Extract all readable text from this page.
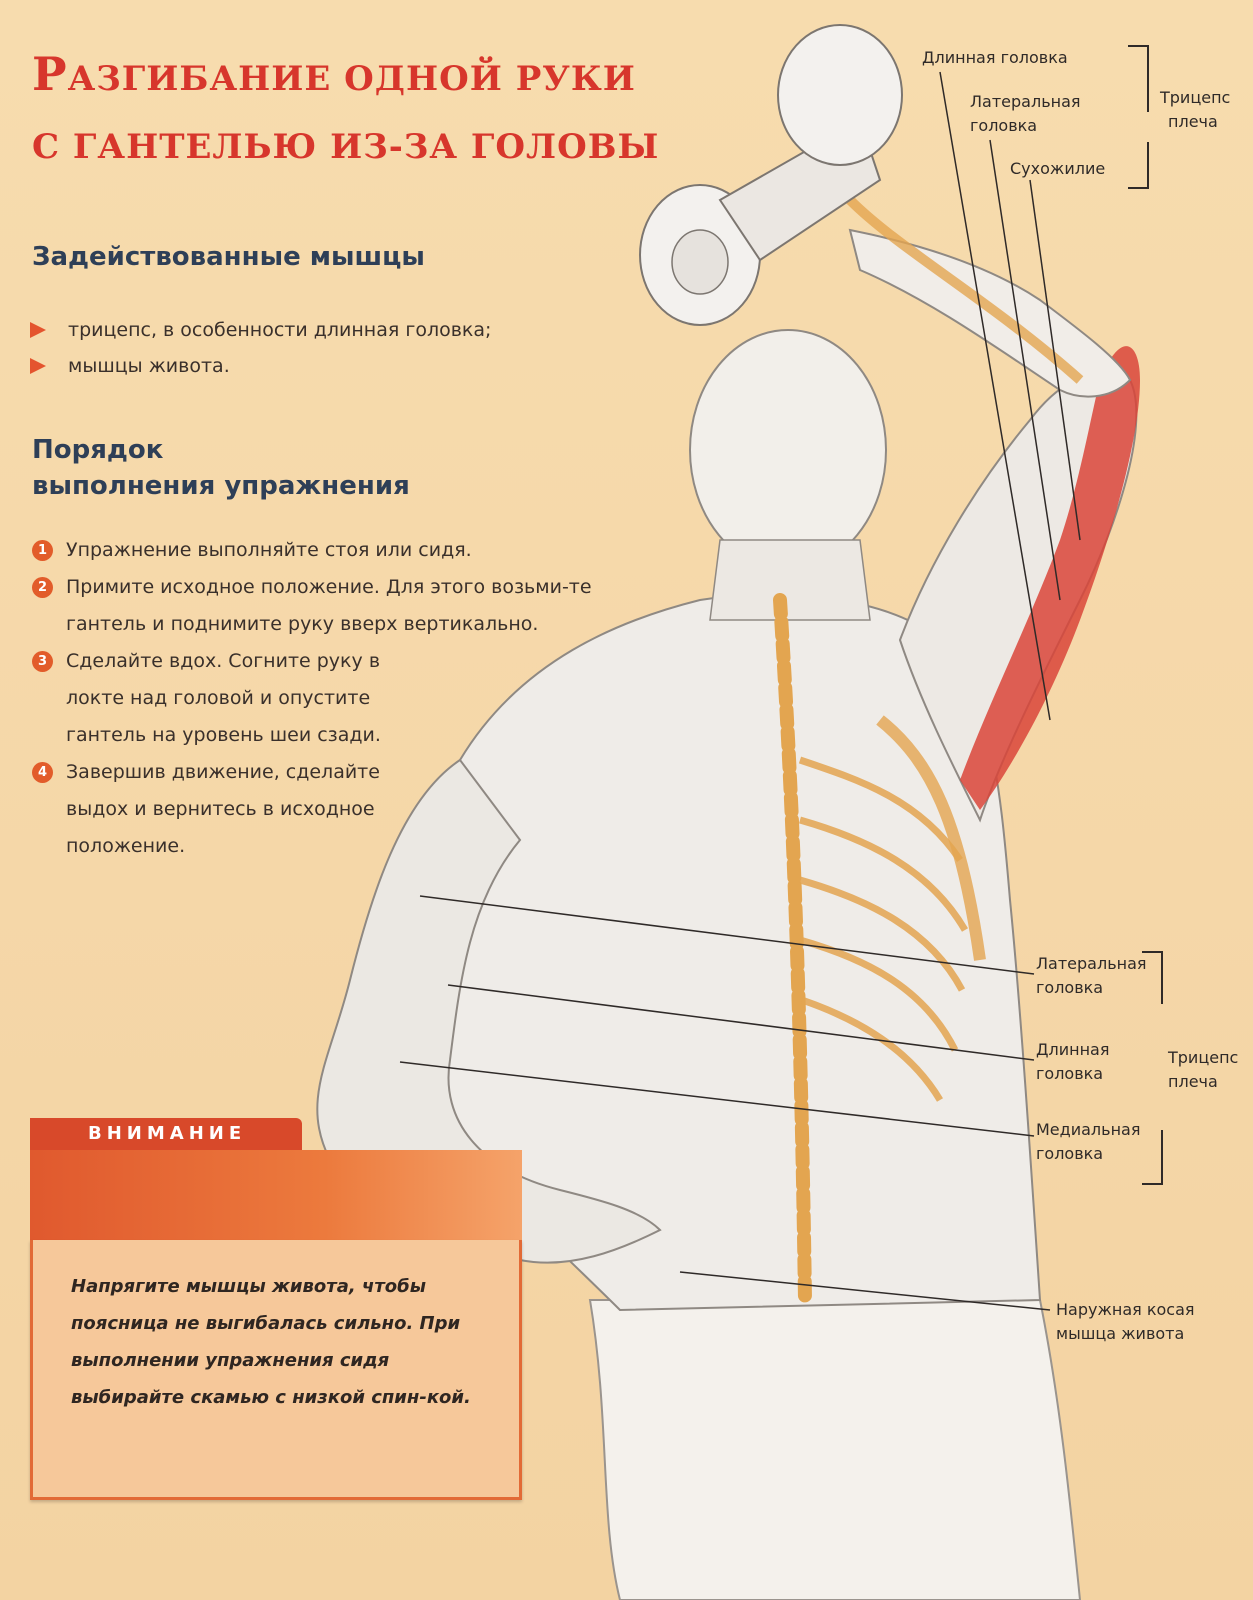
РАЗГИБАНИЕ ОДНОЙ РУКИ
С ГАНТЕЛЬЮ ИЗ-ЗА ГОЛОВЫ
Задействованные мышцы
трицепс, в особенности длинная головка;
мышцы живота.
Порядок
выполнения упражнения
1 Упражнение выполняйте стоя или сидя.
2 Примите исходное положение. Для этого возьми-те гантель и поднимите руку вверх вертикально.
3 Сделайте вдох. Согните руку в локте над головой и опустите гантель на уровень шеи сзади.
4 Завершив движение, сделайте выдох и вернитесь в исходное положение.
Длинная головка
Латеральная
головка
Сухожилие
Трицепс
плеча
Латеральная
головка
Длинная
головка
Медиальная
головка
Трицепс
плеча
Наружная косая
мышца живота
ВНИМАНИЕ
Напрягите мышцы живота, чтобы поясница не выгибалась сильно. При выполнении упражнения сидя выбирайте скамью с низкой спин-кой.
